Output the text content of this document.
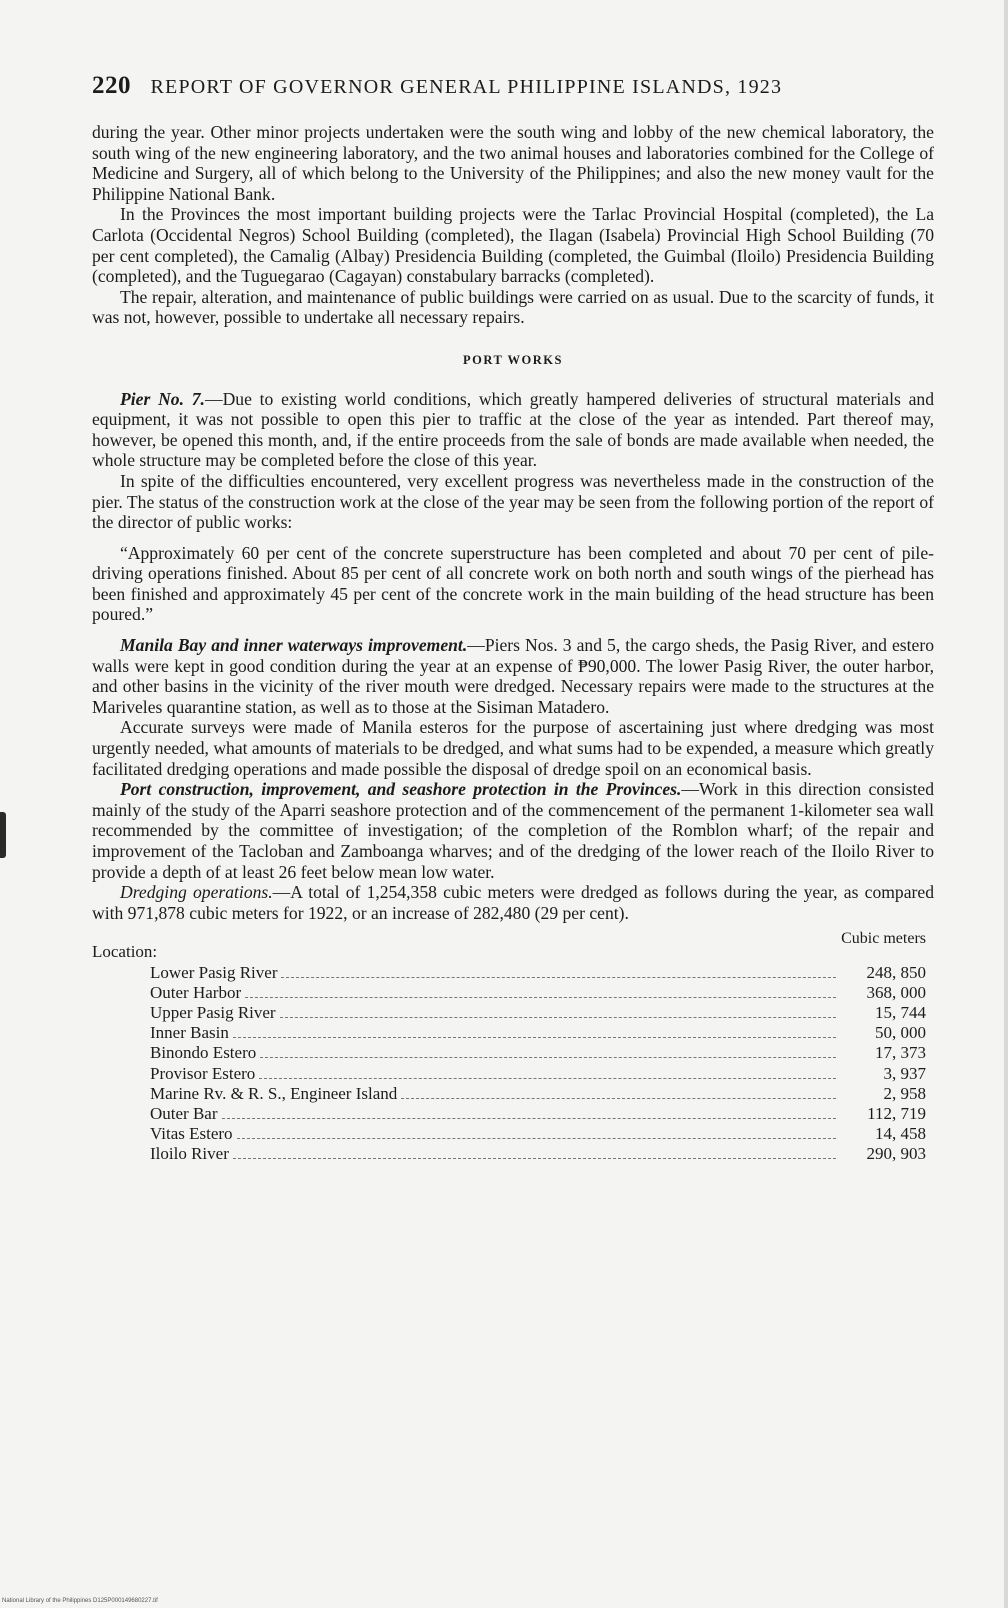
220 REPORT OF GOVERNOR GENERAL PHILIPPINE ISLANDS, 1923

during the year. Other minor projects undertaken were the south wing and lobby of the new chemical laboratory, the south wing of the new engineering laboratory, and the two animal houses and laboratories combined for the College of Medicine and Surgery, all of which belong to the University of the Philippines; and also the new money vault for the Philippine National Bank.

In the Provinces the most important building projects were the Tarlac Provincial Hospital (completed), the La Carlota (Occidental Negros) School Building (completed), the Ilagan (Isabela) Provincial High School Building (70 per cent completed), the Camalig (Albay) Presidencia Building (completed, the Guimbal (Iloilo) Presidencia Building (completed), and the Tuguegarao (Cagayan) constabulary barracks (completed).

The repair, alteration, and maintenance of public buildings were carried on as usual. Due to the scarcity of funds, it was not, however, possible to undertake all necessary repairs.

PORT WORKS

Pier No. 7.—Due to existing world conditions, which greatly hampered deliveries of structural materials and equipment, it was not possible to open this pier to traffic at the close of the year as intended. Part thereof may, however, be opened this month, and, if the entire proceeds from the sale of bonds are made available when needed, the whole structure may be completed before the close of this year.

In spite of the difficulties encountered, very excellent progress was nevertheless made in the construction of the pier. The status of the construction work at the close of the year may be seen from the following portion of the report of the director of public works:

“Approximately 60 per cent of the concrete superstructure has been completed and about 70 per cent of pile-driving operations finished. About 85 per cent of all concrete work on both north and south wings of the pierhead has been finished and approximately 45 per cent of the concrete work in the main building of the head structure has been poured.”

Manila Bay and inner waterways improvement.—Piers Nos. 3 and 5, the cargo sheds, the Pasig River, and estero walls were kept in good condition during the year at an expense of ₱90,000. The lower Pasig River, the outer harbor, and other basins in the vicinity of the river mouth were dredged. Necessary repairs were made to the structures at the Mariveles quarantine station, as well as to those at the Sisiman Matadero.

Accurate surveys were made of Manila esteros for the purpose of ascertaining just where dredging was most urgently needed, what amounts of materials to be dredged, and what sums had to be expended, a measure which greatly facilitated dredging operations and made possible the disposal of dredge spoil on an economical basis.

Port construction, improvement, and seashore protection in the Provinces.—Work in this direction consisted mainly of the study of the Aparri seashore protection and of the commencement of the permanent 1-kilometer sea wall recommended by the committee of investigation; of the completion of the Romblon wharf; of the repair and improvement of the Tacloban and Zamboanga wharves; and of the dredging of the lower reach of the Iloilo River to provide a depth of at least 26 feet below mean low water.

Dredging operations.—A total of 1,254,358 cubic meters were dredged as follows during the year, as compared with 971,878 cubic meters for 1922, or an increase of 282,480 (29 per cent).

Cubic meters
Location:
Lower Pasig River	248, 850
Outer Harbor	368, 000
Upper Pasig River	15, 744
Inner Basin	50, 000
Binondo Estero	17, 373
Provisor Estero	3, 937
Marine Rv. & R. S., Engineer Island	2, 958
Outer Bar	112, 719
Vitas Estero	14, 458
Iloilo River	290, 903
National Library of the Philippines D125P000149680227.tif
